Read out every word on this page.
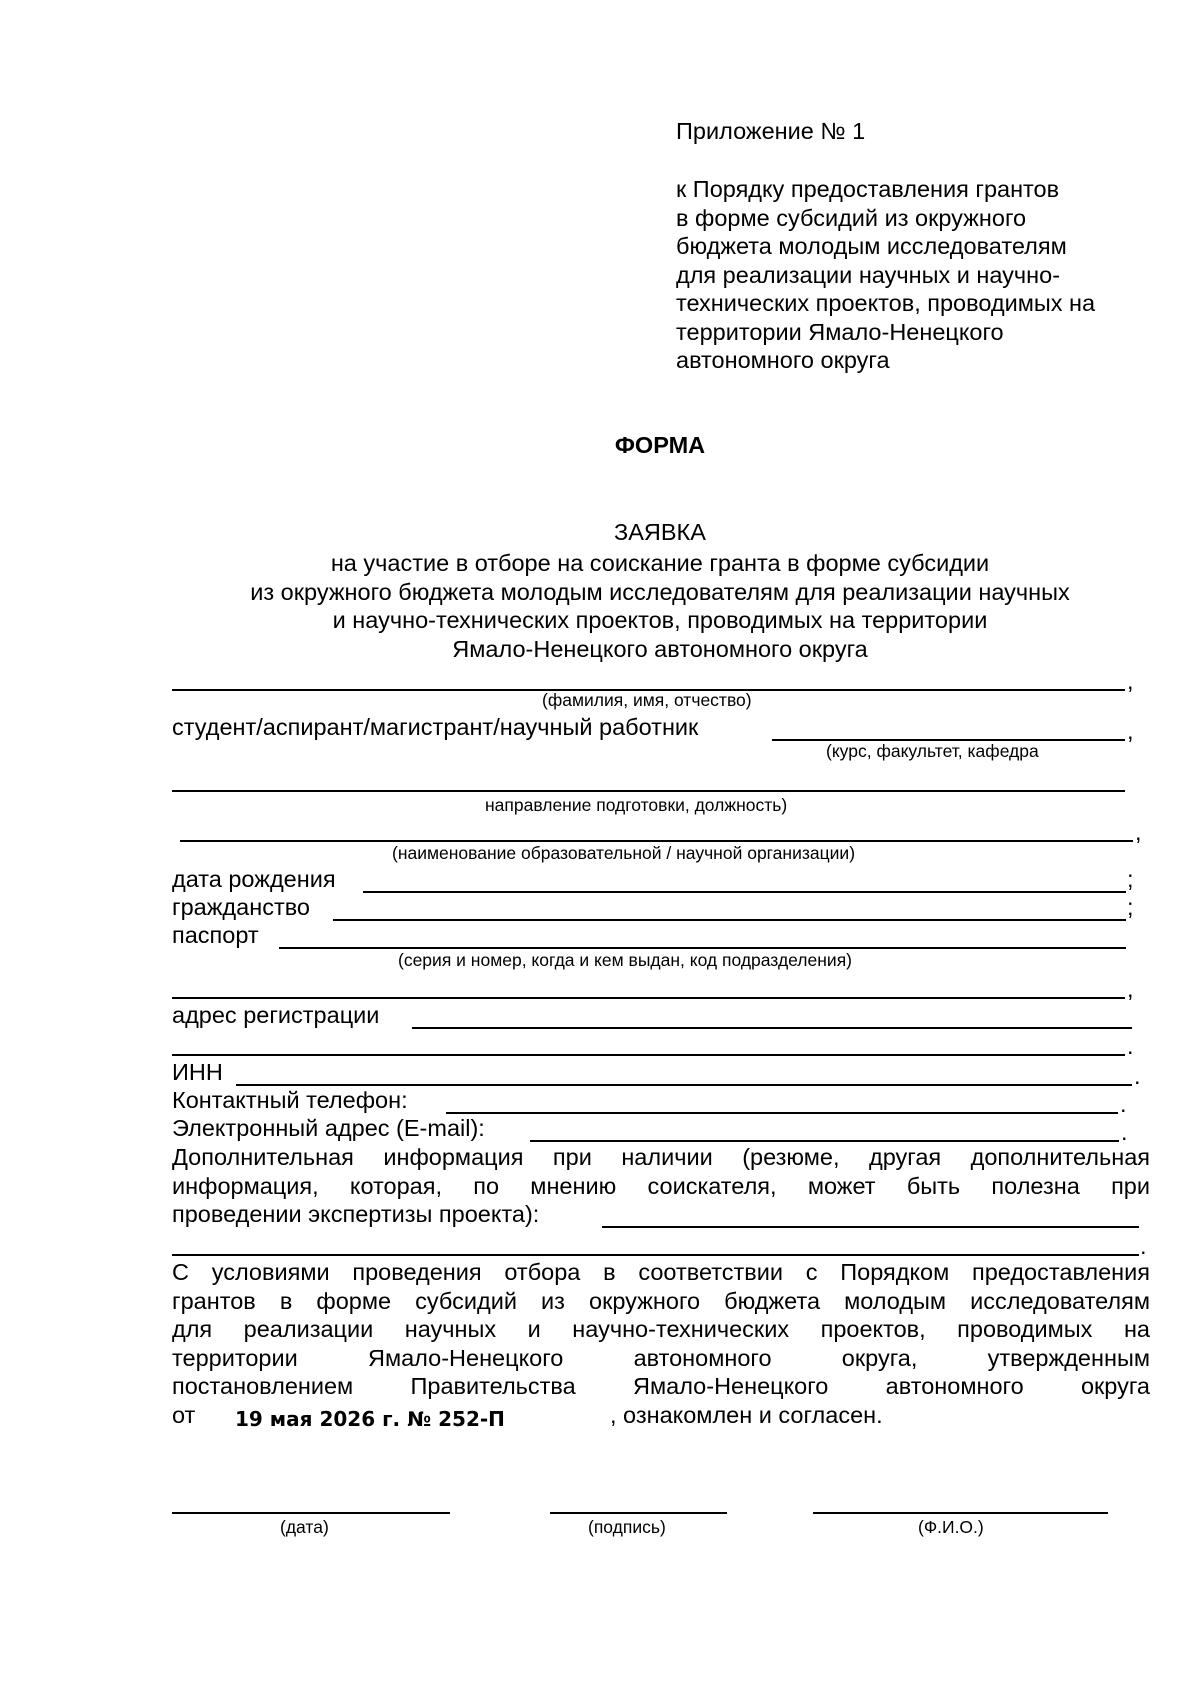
Приложение № 1
к Порядку предоставления грантов
в форме субсидий из окружного
бюджета молодым исследователям
для реализации научных и научно-
технических проектов, проводимых на
территории Ямало-Ненецкого
автономного округа
ФОРМА
ЗАЯВКА
на участие в отборе на соискание гранта в форме субсидии
из окружного бюджета молодым исследователям для реализации научных
и научно-технических проектов, проводимых на территории
Ямало-Ненецкого автономного округа
,
(фамилия, имя, отчество)
студент/аспирант/магистрант/научный работник	,
(курс, факультет, кафедра
направление подготовки, должность)
,
(наименование образовательной / научной организации)
дата рождения	;
гражданство	;
паспорт
(серия и номер, когда и кем выдан, код подразделения)
,
адрес регистрации
.
ИНН	.
Контактный телефон:	.
Электронный адрес (E-mail):	.
Дополнительная информация при наличии (резюме, другая дополнительная
информация, которая, по мнению соискателя, может быть полезна при
проведении экспертизы проекта):
.
С условиями проведения отбора в соответствии с Порядком предоставления
грантов в форме субсидий из окружного бюджета молодым исследователям
для реализации научных и научно-технических проектов, проводимых на
территории Ямало-Ненецкого автономного округа, утвержденным
постановлением Правительства Ямало-Ненецкого автономного округа
от 19 мая 2026 г. № 252-П	, ознакомлен и согласен.
(дата)	(подпись)	(Ф.И.О.)
